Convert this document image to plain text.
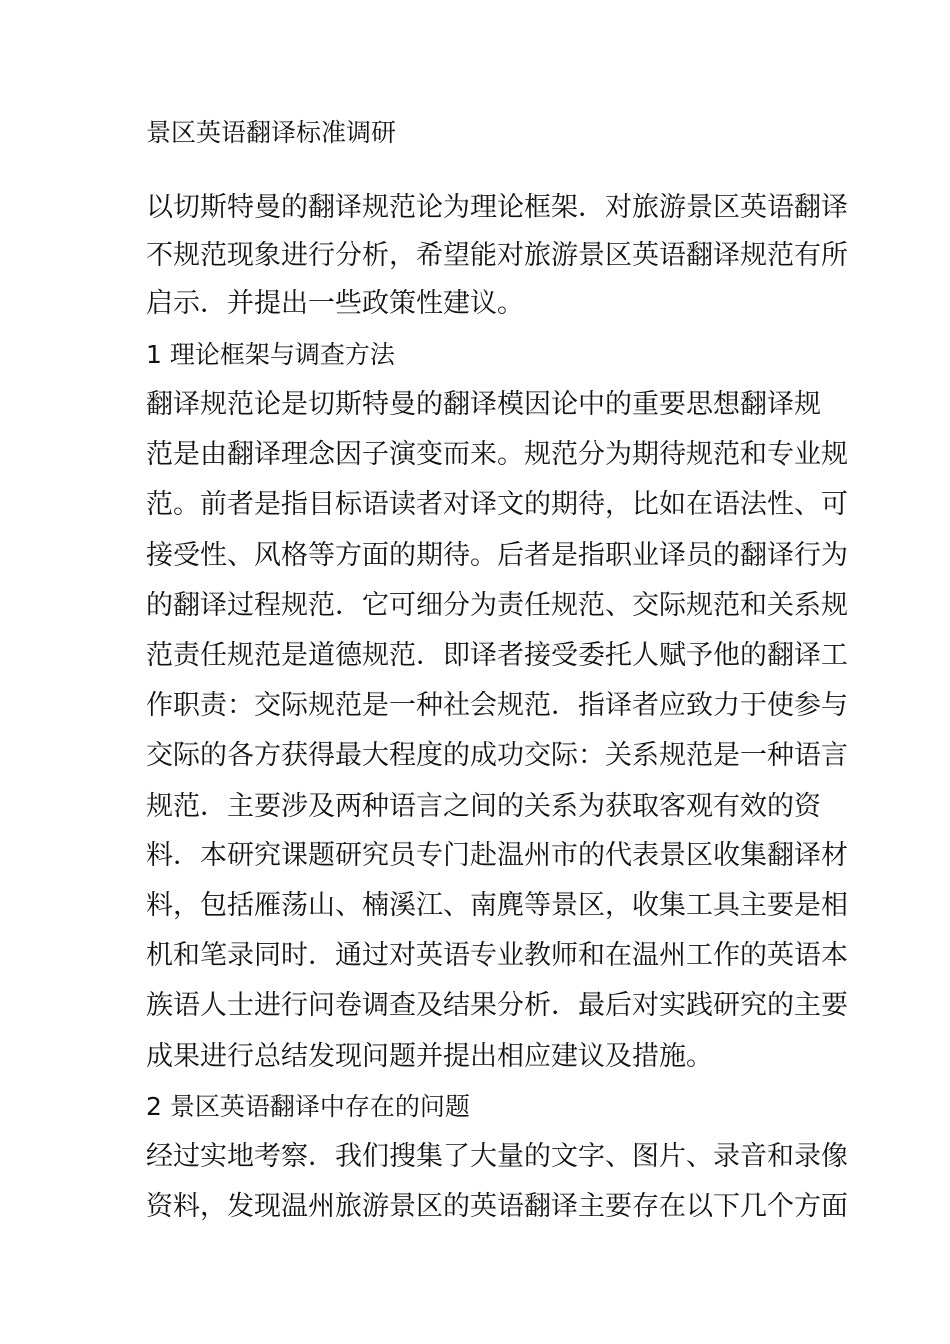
景区英语翻译标准调研
以切斯特曼的翻译规范论为理论框架．对旅游景区英语翻译
不规范现象进行分析，希望能对旅游景区英语翻译规范有所
启示．并提出一些政策性建议。
1 理论框架与调查方法
翻译规范论是切斯特曼的翻译模因论中的重要思想翻译规
范是由翻译理念因子演变而来。规范分为期待规范和专业规
范。前者是指目标语读者对译文的期待，比如在语法性、可
接受性、风格等方面的期待。后者是指职业译员的翻译行为
的翻译过程规范．它可细分为责任规范、交际规范和关系规
范责任规范是道德规范．即译者接受委托人赋予他的翻译工
作职责：交际规范是一种社会规范．指译者应致力于使参与
交际的各方获得最大程度的成功交际：关系规范是一种语言
规范．主要涉及两种语言之间的关系为获取客观有效的资
料．本研究课题研究员专门赴温州市的代表景区收集翻译材
料，包括雁荡山、楠溪江、南麂等景区，收集工具主要是相
机和笔录同时．通过对英语专业教师和在温州工作的英语本
族语人士进行问卷调查及结果分析．最后对实践研究的主要
成果进行总结发现问题并提出相应建议及措施。
2 景区英语翻译中存在的问题
经过实地考察．我们搜集了大量的文字、图片、录音和录像
资料，发现温州旅游景区的英语翻译主要存在以下几个方面
